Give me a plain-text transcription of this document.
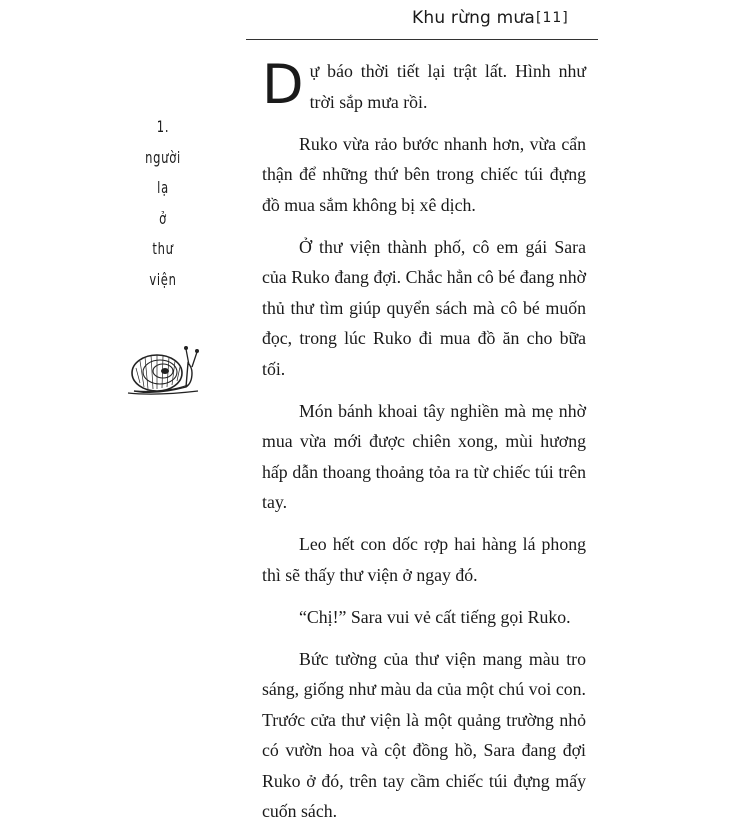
Khu rừng mưa [11]
1.
người
lạ
ở
thư
viện

Dự báo thời tiết lại trật lất. Hình như trời sắp mưa rồi.

Ruko vừa rảo bước nhanh hơn, vừa cẩn thận để những thứ bên trong chiếc túi đựng đồ mua sắm không bị xê dịch.

Ở thư viện thành phố, cô em gái Sara của Ruko đang đợi. Chắc hẳn cô bé đang nhờ thủ thư tìm giúp quyển sách mà cô bé muốn đọc, trong lúc Ruko đi mua đồ ăn cho bữa tối.

Món bánh khoai tây nghiền mà mẹ nhờ mua vừa mới được chiên xong, mùi hương hấp dẫn thoang thoảng tỏa ra từ chiếc túi trên tay.

Leo hết con dốc rợp hai hàng lá phong thì sẽ thấy thư viện ở ngay đó.

“Chị!” Sara vui vẻ cất tiếng gọi Ruko.

Bức tường của thư viện mang màu tro sáng, giống như màu da của một chú voi con. Trước cửa thư viện là một quảng trường nhỏ có vườn hoa và cột đồng hồ, Sara đang đợi Ruko ở đó, trên tay cầm chiếc túi đựng mấy cuốn sách.
